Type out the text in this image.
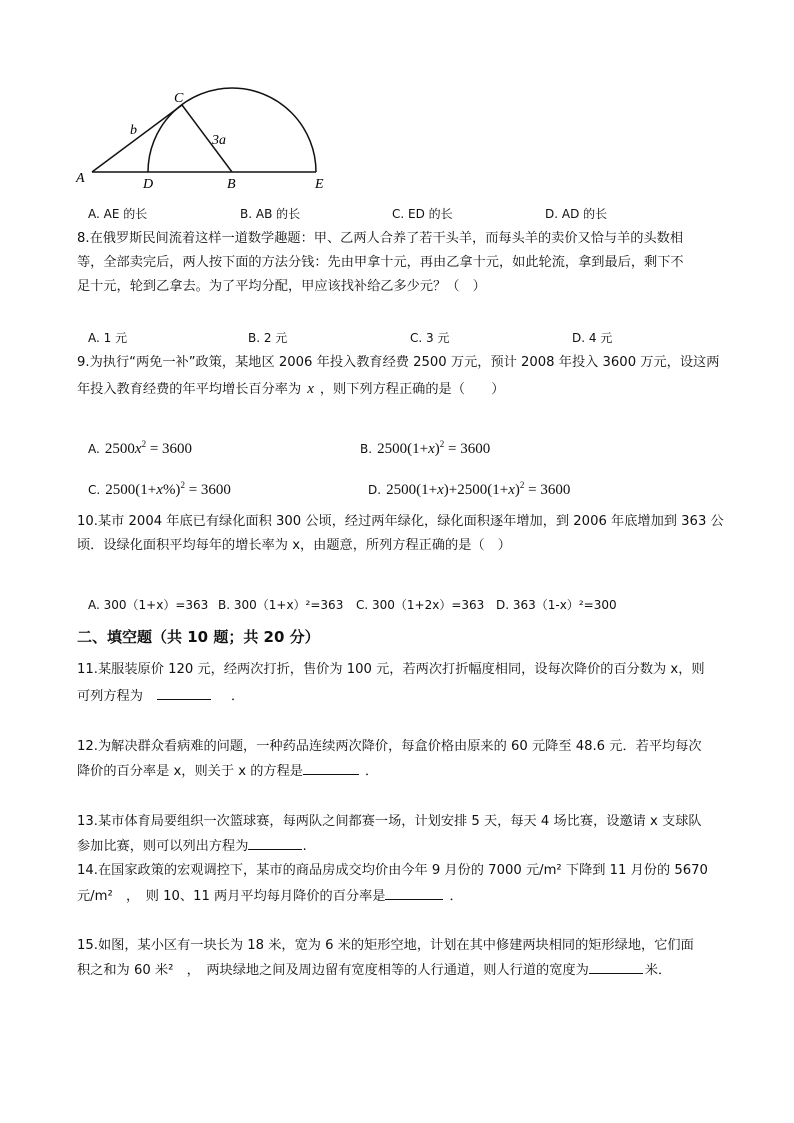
C
b
3a
A	D	B	E
A. AE 的长	B. AB 的长	C. ED 的长	D. AD 的长
8.在俄罗斯民间流着这样一道数学趣题：甲、乙两人合养了若干头羊，而每头羊的卖价又恰与羊的头数相
等，全部卖完后，两人按下面的方法分钱：先由甲拿十元，再由乙拿十元，如此轮流，拿到最后，剩下不
足十元，轮到乙拿去。为了平均分配，甲应该找补给乙多少元？（　）
A. 1 元	B. 2 元	C. 3 元	D. 4 元
9.为执行“两免一补”政策，某地区 2006 年投入教育经费 2500 万元，预计 2008 年投入 3600 万元，设这两
年投入教育经费的年平均增长百分率为 x ，则下列方程正确的是（　　）
A. $2500x^2 = 3600$	B. $2500(1+x)^2 = 3600$
C. $2500(1+x\%)^2 = 3600$	D. $2500(1+x)+2500(1+x)^2 = 3600$
10.某市 2004 年底已有绿化面积 300 公顷，经过两年绿化，绿化面积逐年增加，到 2006 年底增加到 363 公
顷．设绿化面积平均每年的增长率为 x，由题意，所列方程正确的是（　）
A. 300（1+x）=363 B. 300（1+x）²=363 C. 300（1+2x）=363 D. 363（1-x）²=300
二、填空题（共 10 题；共 20 分）
11.某服装原价 120 元，经两次打折，售价为 100 元，若两次打折幅度相同，设每次降价的百分数为 x，则
可列方程为	．
12.为解决群众看病难的问题，一种药品连续两次降价，每盒价格由原来的 60 元降至 48.6 元．若平均每次
降价的百分率是 x，则关于 x 的方程是	．
13.某市体育局要组织一次篮球赛，每两队之间都赛一场，计划安排 5 天，每天 4 场比赛，设邀请 x 支球队
参加比赛，则可以列出方程为	.
14.在国家政策的宏观调控下，某市的商品房成交均价由今年 9 月份的 7000 元/m² 下降到 11 月份的 5670
元/m²　，　则 10、11 两月平均每月降价的百分率是	．
15.如图，某小区有一块长为 18 米，宽为 6 米的矩形空地，计划在其中修建两块相同的矩形绿地，它们面
积之和为 60 米²　，　两块绿地之间及周边留有宽度相等的人行通道，则人行道的宽度为	米．
